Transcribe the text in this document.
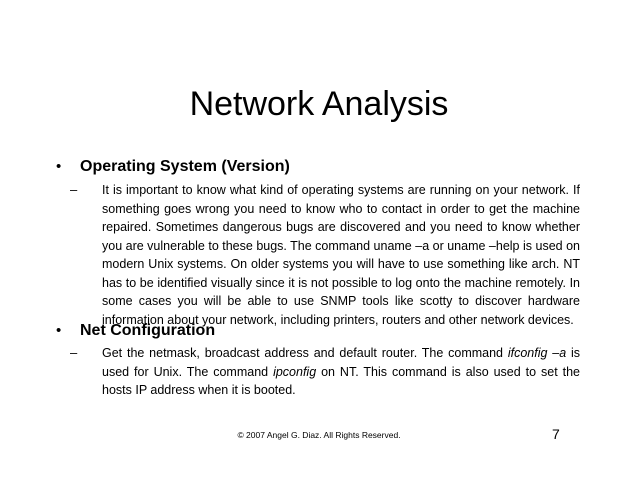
Network Analysis
• Operating System (Version)
– It is important to know what kind of operating systems are running on your network. If something goes wrong you need to know who to contact in order to get the machine repaired. Sometimes dangerous bugs are discovered and you need to know whether you are vulnerable to these bugs. The command uname –a or uname –help is used on modern Unix systems. On older systems you will have to use something like arch. NT has to be identified visually since it is not possible to log onto the machine remotely. In some cases you will be able to use SNMP tools like scotty to discover hardware information about your network, including printers, routers and other network devices.
• Net Configuration
– Get the netmask, broadcast address and default router. The command ifconfig –a is used for Unix. The command ipconfig on NT. This command is also used to set the hosts IP address when it is booted.
© 2007 Angel G. Diaz. All Rights Reserved.	7
